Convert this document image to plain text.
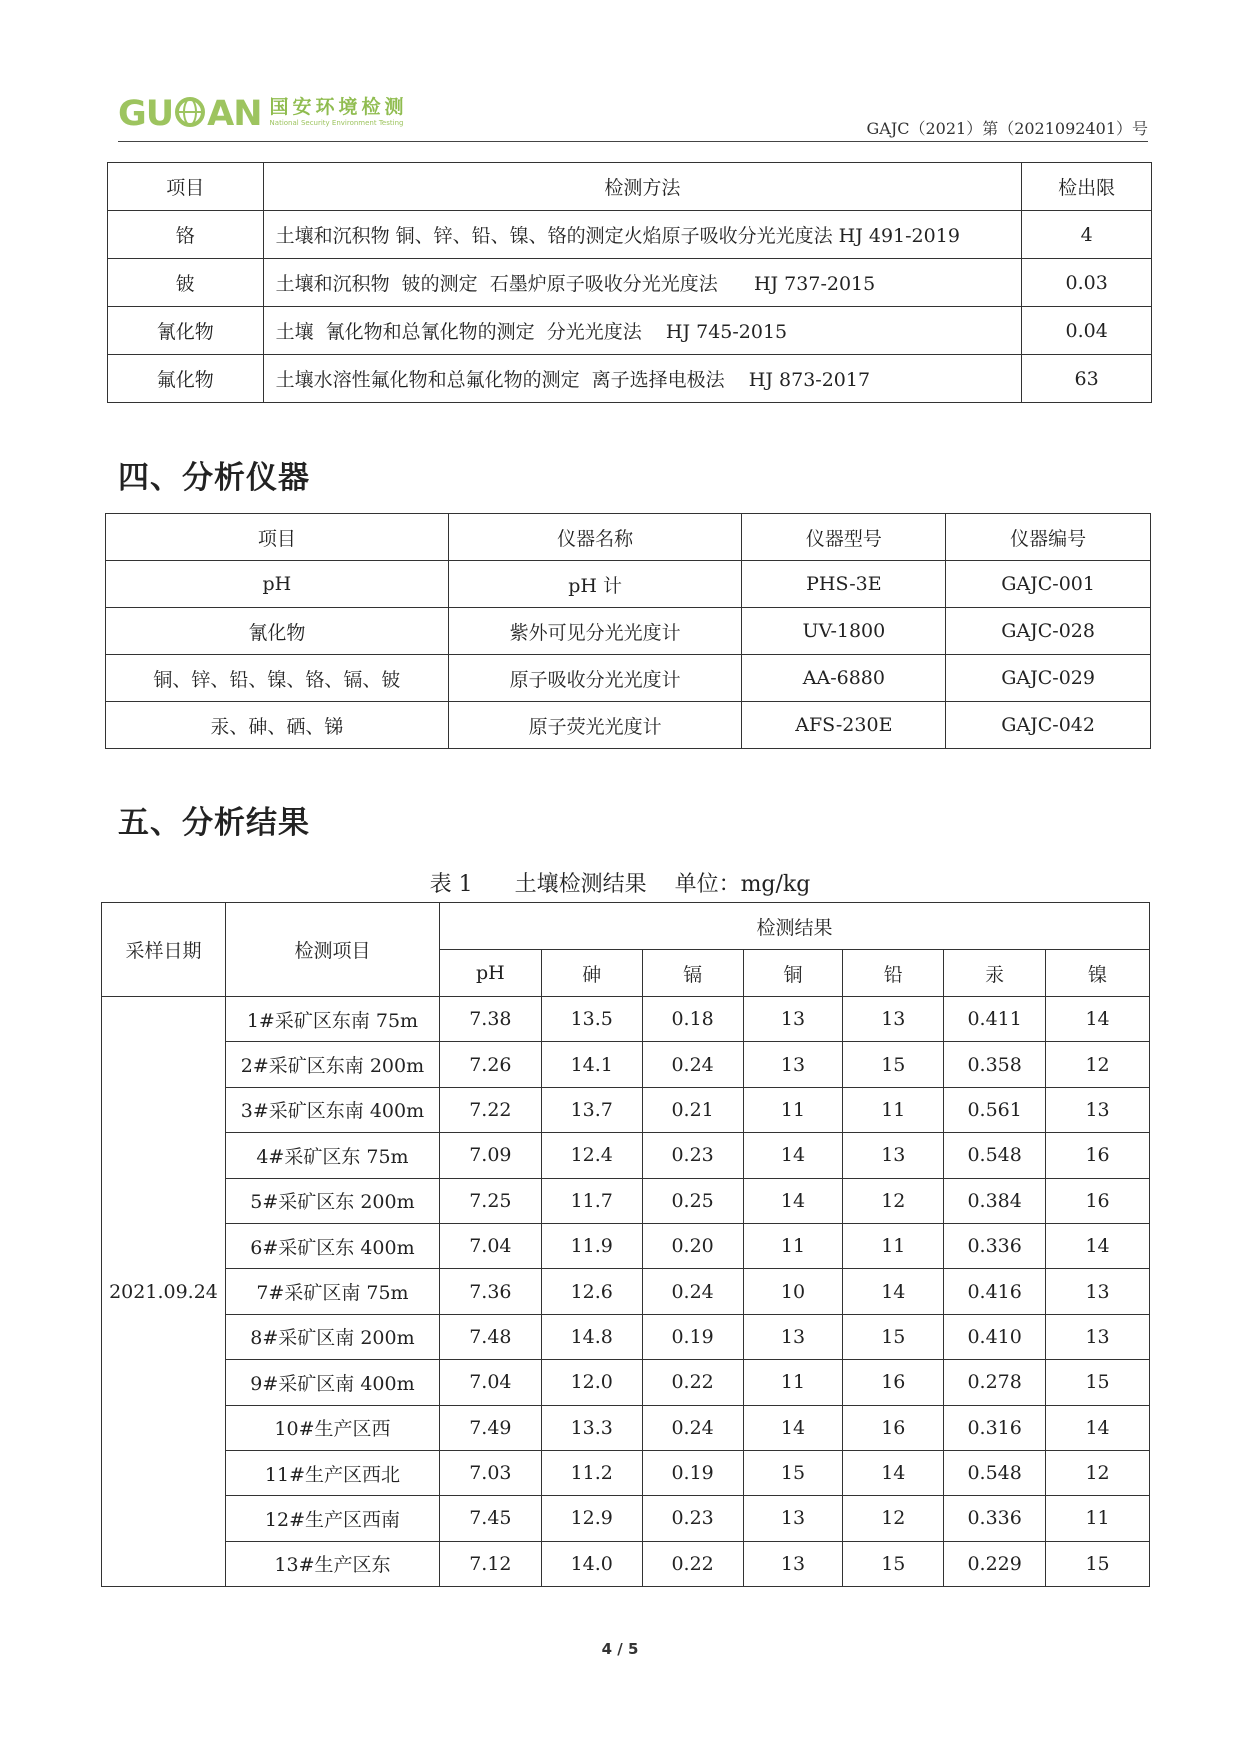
G U A N 国安环境检测
National Security Environment Testing	GAJC（2021）第（2021092401）号
项目	检测方法	检出限
铬	土壤和沉积物 铜、锌、铅、镍、铬的测定火焰原子吸收分光光度法 HJ 491-2019	4
铍	土壤和沉积物  铍的测定  石墨炉原子吸收分光光度法      HJ 737-2015	0.03
氰化物	土壤  氰化物和总氰化物的测定  分光光度法    HJ 745-2015	0.04
氟化物	土壤水溶性氟化物和总氟化物的测定  离子选择电极法    HJ 873-2017	63
四、分析仪器
项目	仪器名称	仪器型号	仪器编号
pH	pH 计	PHS-3E	GAJC-001
氰化物	紫外可见分光光度计	UV-1800	GAJC-028
铜、锌、铅、镍、铬、镉、铍	原子吸收分光光度计	AA-6880	GAJC-029
汞、砷、硒、锑	原子荧光光度计	AFS-230E	GAJC-042
五、分析结果
表 1      土壤检测结果    单位：mg/kg
采样日期	检测项目	检测结果						
		pH	砷	镉	铜	铅	汞	镍
2021.09.24	1#采矿区东南 75m	7.38	13.5	0.18	13	13	0.411	14
	2#采矿区东南 200m	7.26	14.1	0.24	13	15	0.358	12
	3#采矿区东南 400m	7.22	13.7	0.21	11	11	0.561	13
	4#采矿区东 75m	7.09	12.4	0.23	14	13	0.548	16
	5#采矿区东 200m	7.25	11.7	0.25	14	12	0.384	16
	6#采矿区东 400m	7.04	11.9	0.20	11	11	0.336	14
	7#采矿区南 75m	7.36	12.6	0.24	10	14	0.416	13
	8#采矿区南 200m	7.48	14.8	0.19	13	15	0.410	13
	9#采矿区南 400m	7.04	12.0	0.22	11	16	0.278	15
	10#生产区西	7.49	13.3	0.24	14	16	0.316	14
	11#生产区西北	7.03	11.2	0.19	15	14	0.548	12
	12#生产区西南	7.45	12.9	0.23	13	12	0.336	11
	13#生产区东	7.12	14.0	0.22	13	15	0.229	15
4 / 5
